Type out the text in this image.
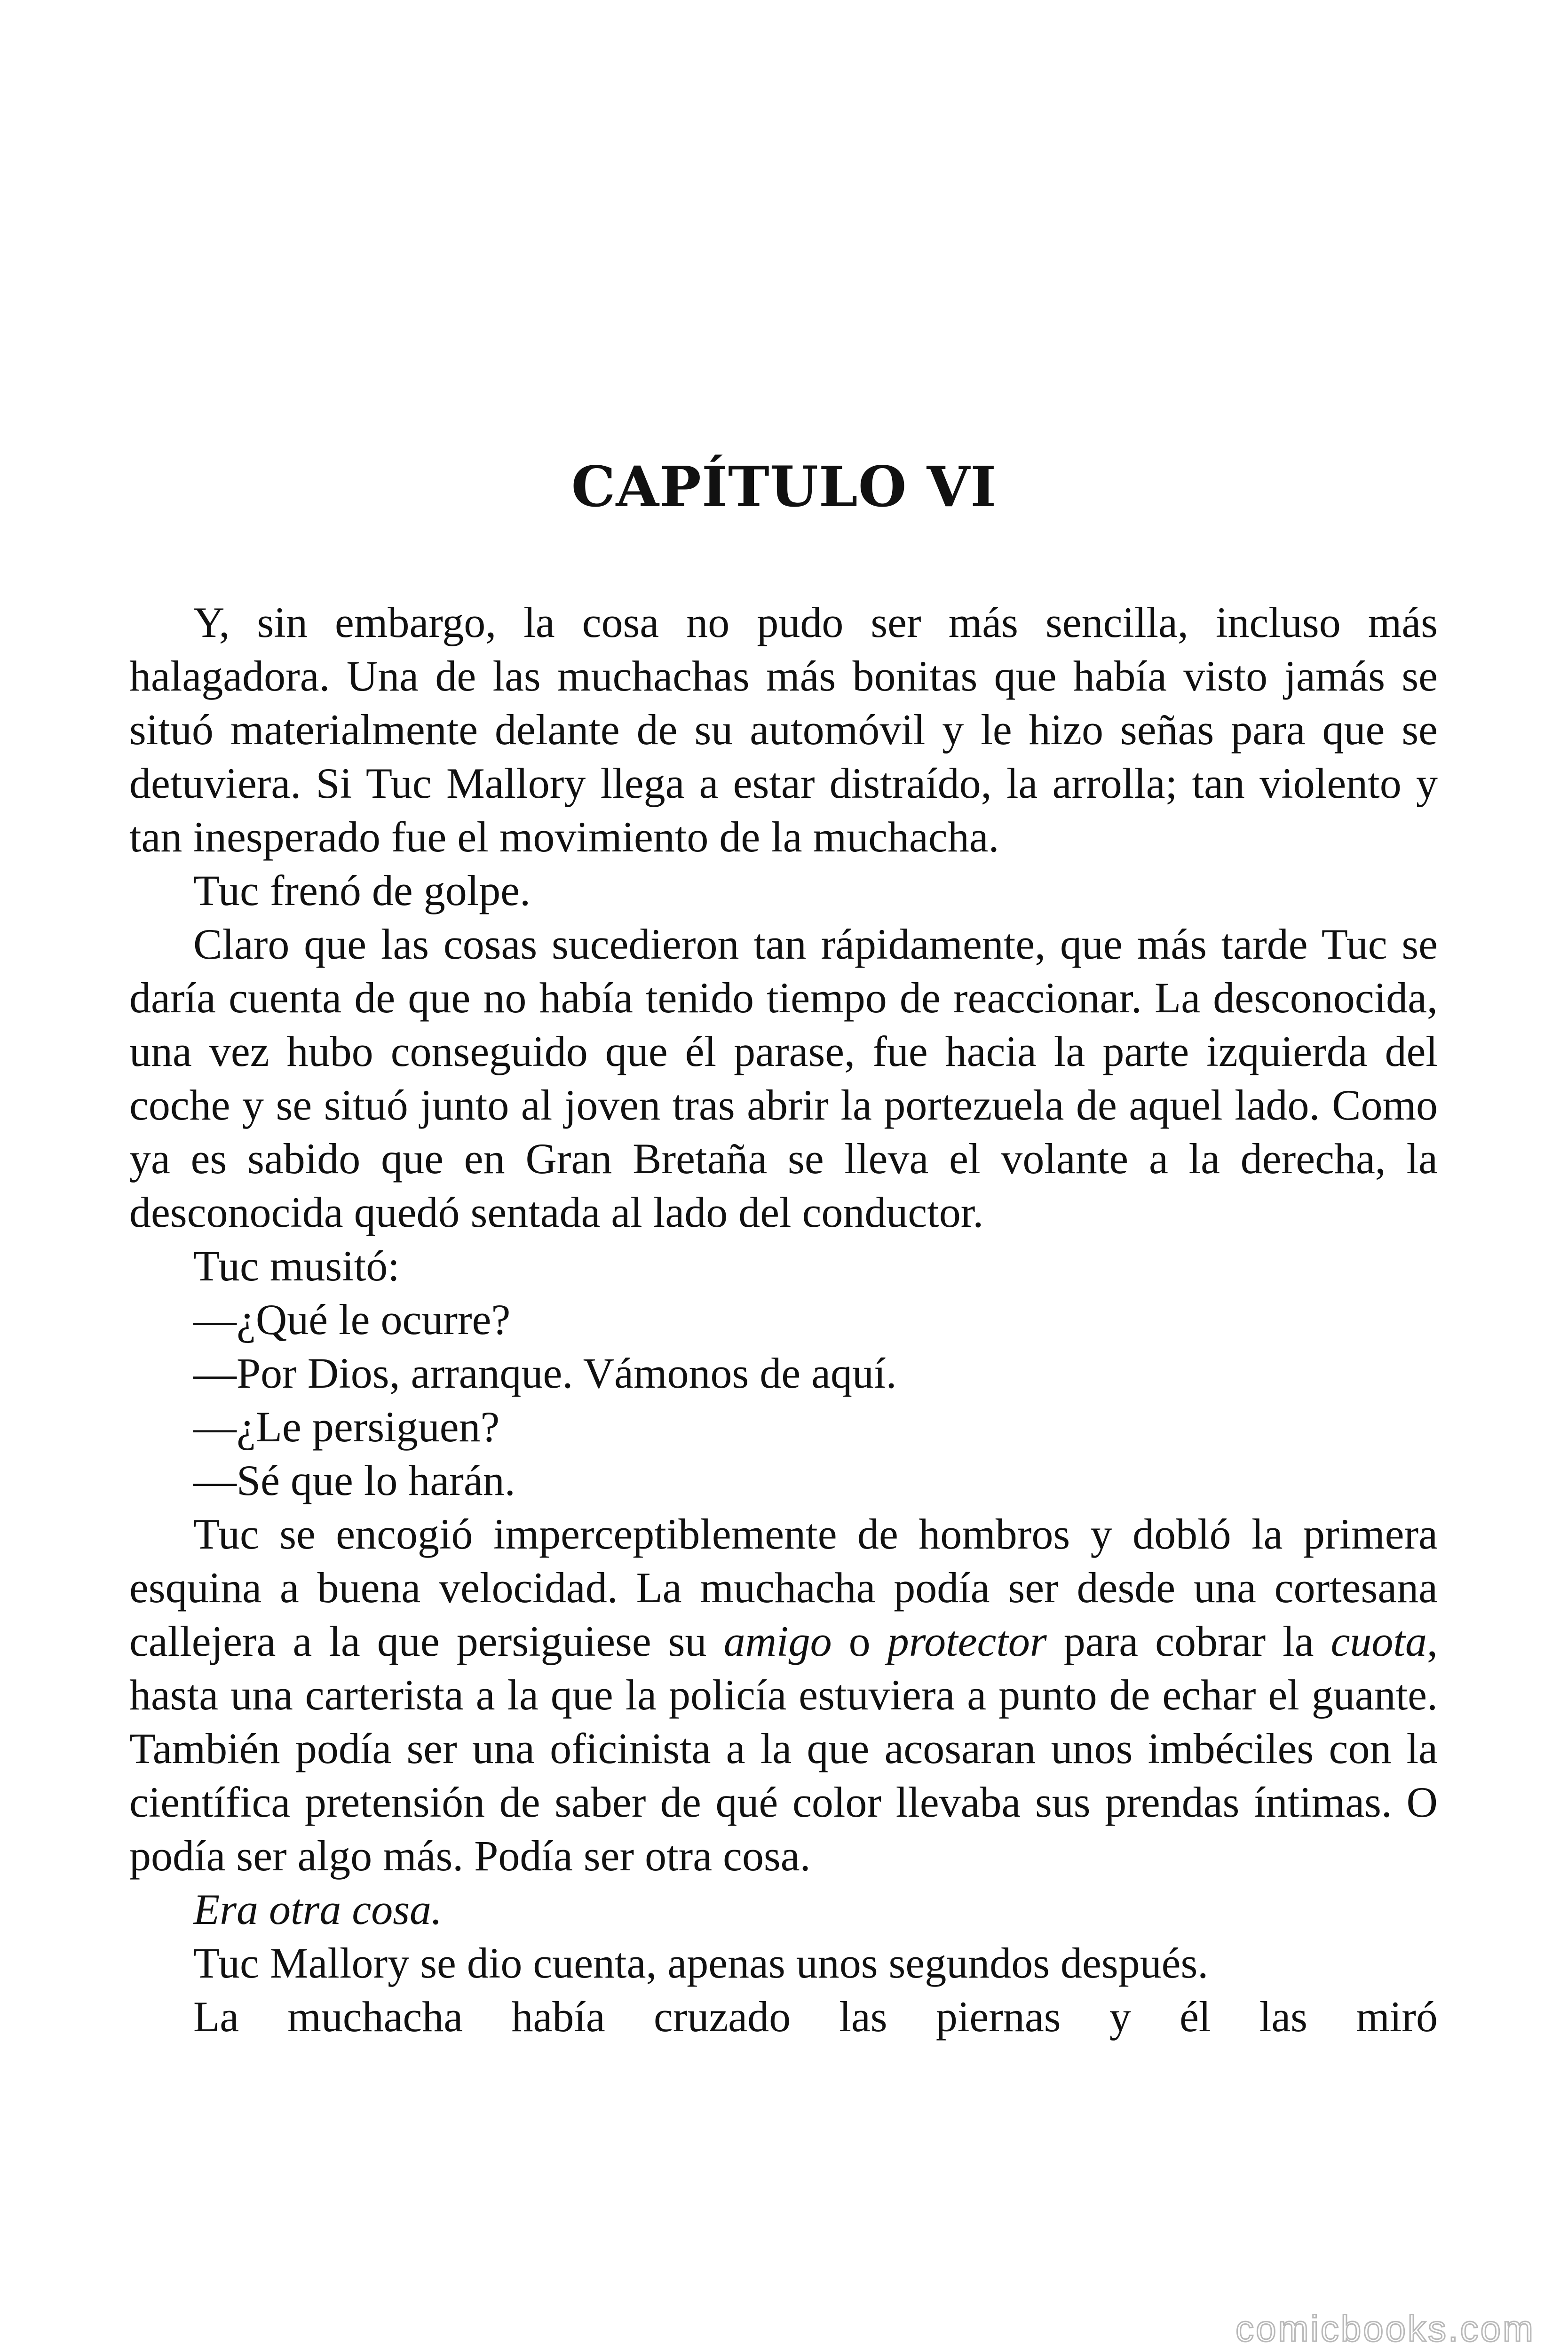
CAPÍTULO VI

Y, sin embargo, la cosa no pudo ser más sencilla, incluso más halagadora. Una de las muchachas más bonitas que había visto jamás se situó materialmente delante de su automóvil y le hizo señas para que se detuviera. Si Tuc Mallory llega a estar distraído, la arrolla; tan violento y tan inesperado fue el movimiento de la muchacha.

Tuc frenó de golpe.

Claro que las cosas sucedieron tan rápidamente, que más tarde Tuc se daría cuenta de que no había tenido tiempo de reaccionar. La desconocida, una vez hubo conseguido que él parase, fue hacia la parte izquierda del coche y se situó junto al joven tras abrir la portezuela de aquel lado. Como ya es sabido que en Gran Bretaña se lleva el volante a la derecha, la desconocida quedó sentada al lado del conductor.

Tuc musitó:

—¿Qué le ocurre?

—Por Dios, arranque. Vámonos de aquí.

—¿Le persiguen?

—Sé que lo harán.

Tuc se encogió imperceptiblemente de hombros y dobló la primera esquina a buena velocidad. La muchacha podía ser desde una cortesana callejera a la que persiguiese su amigo o protector para cobrar la cuota, hasta una carterista a la que la policía estuviera a punto de echar el guante. También podía ser una oficinista a la que acosaran unos imbéciles con la científica pretensión de saber de qué color llevaba sus prendas íntimas. O podía ser algo más. Podía ser otra cosa.

Era otra cosa.

Tuc Mallory se dio cuenta, apenas unos segundos después.

La muchacha había cruzado las piernas y él las miró

comicbooks.com
